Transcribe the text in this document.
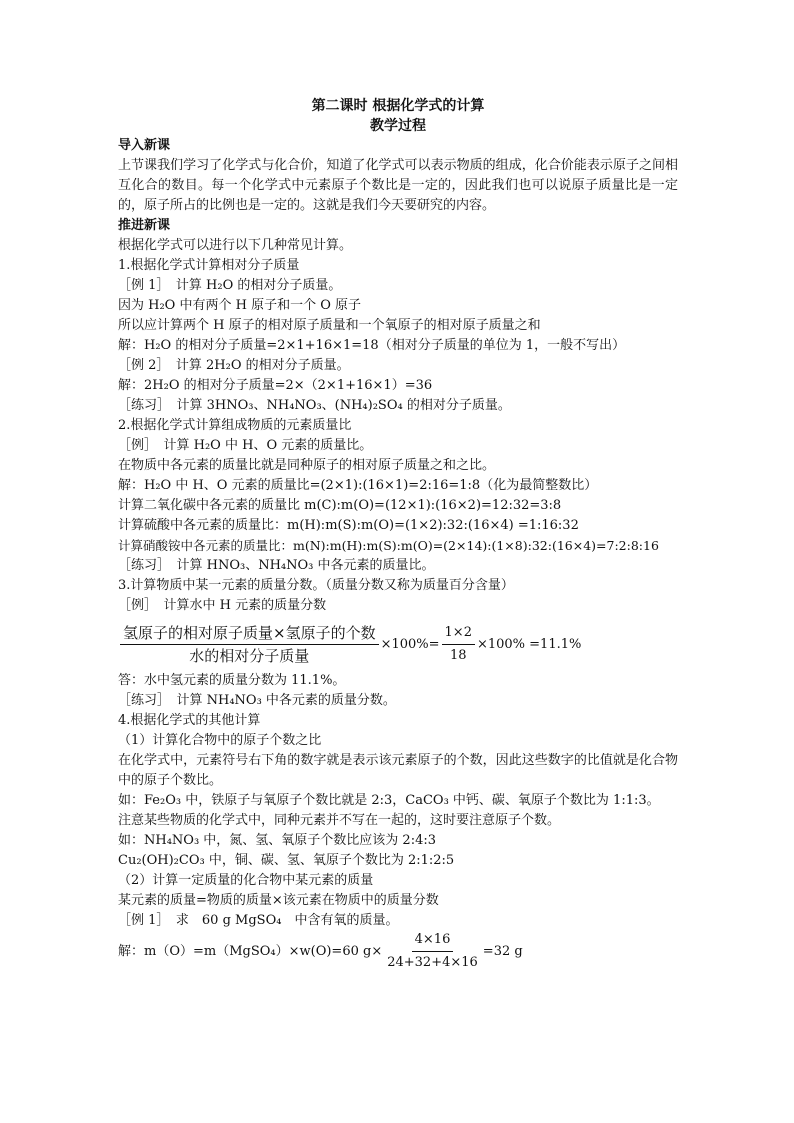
第二课时 根据化学式的计算

教学过程

导入新课

上节课我们学习了化学式与化合价，知道了化学式可以表示物质的组成，化合价能表示原子之间相互化合的数目。每一个化学式中元素原子个数比是一定的，因此我们也可以说原子质量比是一定的，原子所占的比例也是一定的。这就是我们今天要研究的内容。

推进新课

根据化学式可以进行以下几种常见计算。

1.根据化学式计算相对分子质量

［例 1］　计算 H₂O 的相对分子质量。

因为 H₂O 中有两个 H 原子和一个 O 原子

所以应计算两个 H 原子的相对原子质量和一个氧原子的相对原子质量之和

解：H₂O 的相对分子质量=2×1+16×1=18（相对分子质量的单位为 1，一般不写出）

［例 2］　计算 2H₂O 的相对分子质量。

解：2H₂O 的相对分子质量=2×（2×1+16×1）=36

［练习］　计算 3HNO₃、NH₄NO₃、(NH₄)₂SO₄ 的相对分子质量。

2.根据化学式计算组成物质的元素质量比

［例］　计算 H₂O 中 H、O 元素的质量比。

在物质中各元素的质量比就是同种原子的相对原子质量之和之比。

解：H₂O 中 H、O 元素的质量比=(2×1):(16×1)=2:16=1:8（化为最简整数比）

计算二氧化碳中各元素的质量比 m(C):m(O)=(12×1):(16×2)=12:32=3:8

计算硫酸中各元素的质量比：m(H):m(S):m(O)=(1×2):32:(16×4) =1:16:32

计算硝酸铵中各元素的质量比：m(N):m(H):m(S):m(O)=(2×14):(1×8):32:(16×4)=7:2:8:16

［练习］　计算 HNO₃、NH₄NO₃ 中各元素的质量比。

3.计算物质中某一元素的质量分数。（质量分数又称为质量百分含量）

［例］　计算水中 H 元素的质量分数

$\frac{\text{氢原子的相对原子质量×氢原子的个数}}{\text{水的相对分子质量}} \times 100\%= \frac{1\times 2}{18} \times 100\% =11.1\%$

答：水中氢元素的质量分数为 11.1%。

［练习］　计算 NH₄NO₃ 中各元素的质量分数。

4.根据化学式的其他计算

（1）计算化合物中的原子个数之比

在化学式中，元素符号右下角的数字就是表示该元素原子的个数，因此这些数字的比值就是化合物中的原子个数比。

如：Fe₂O₃ 中，铁原子与氧原子个数比就是 2:3，CaCO₃ 中钙、碳、氧原子个数比为 1:1:3。

注意某些物质的化学式中，同种元素并不写在一起的，这时要注意原子个数。

如：NH₄NO₃ 中，氮、氢、氧原子个数比应该为 2:4:3

Cu₂(OH)₂CO₃ 中，铜、碳、氢、氧原子个数比为 2:1:2:5

（2）计算一定质量的化合物中某元素的质量

某元素的质量=物质的质量×该元素在物质中的质量分数

［例 1］　求　60 g MgSO₄　中含有氧的质量。

解：m（O）=m（MgSO₄）×w(O)=60 $g\times \frac{4\times 16}{24+32+4\times 16} =32$ g
